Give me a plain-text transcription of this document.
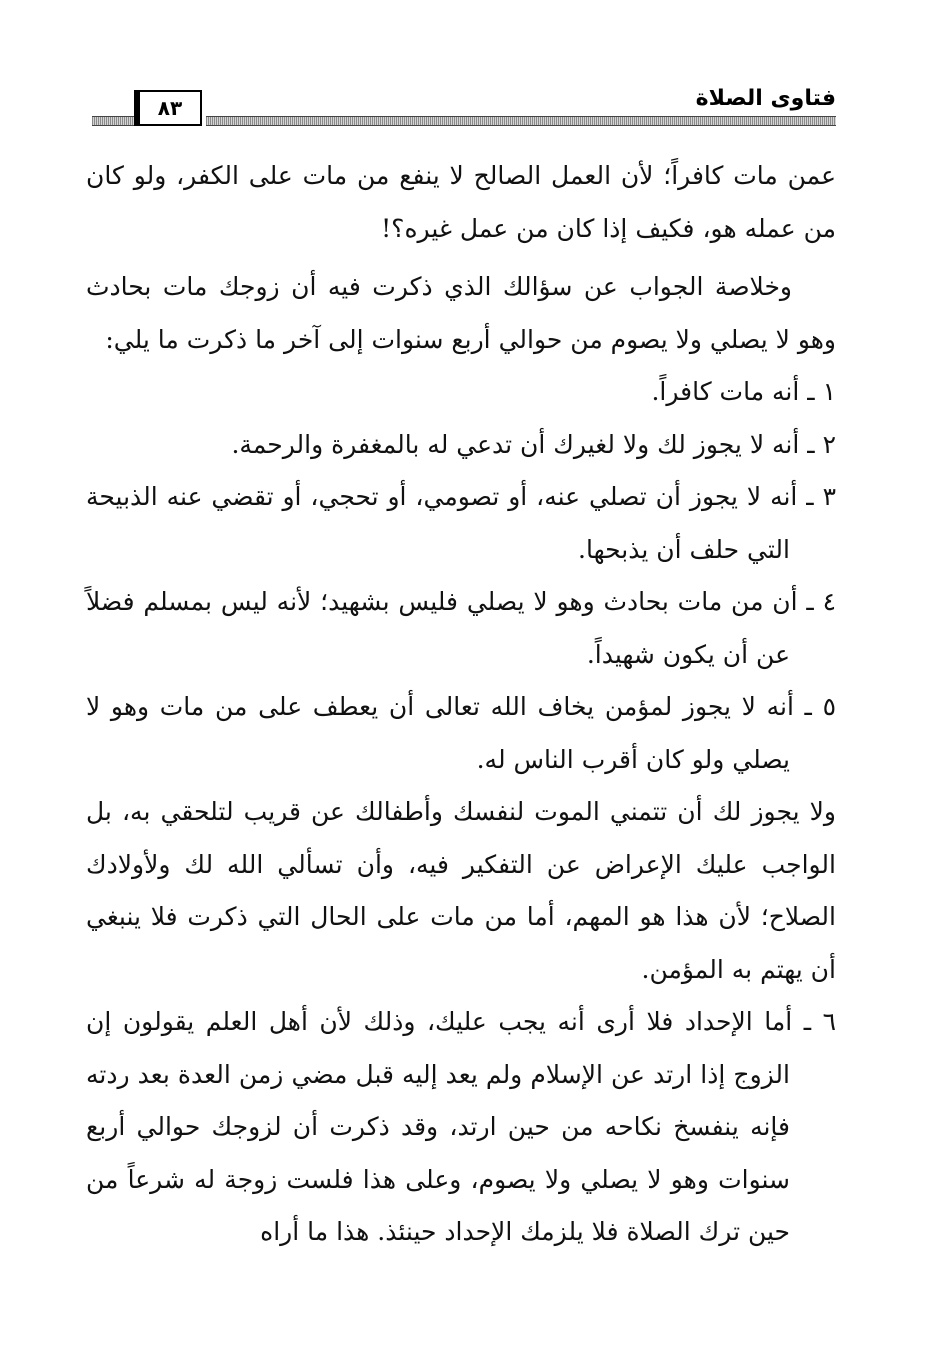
فتاوى الصلاة
٨٣

عمن مات كافراً؛ لأن العمل الصالح لا ينفع من مات على الكفر، ولو كان من عمله هو، فكيف إذا كان من عمل غيره؟!

وخلاصة الجواب عن سؤالك الذي ذكرت فيه أن زوجك مات بحادث وهو لا يصلي ولا يصوم من حوالي أربع سنوات إلى آخر ما ذكرت ما يلي:

١ ـ أنه مات كافراً.

٢ ـ أنه لا يجوز لك ولا لغيرك أن تدعي له بالمغفرة والرحمة.

٣ ـ أنه لا يجوز أن تصلي عنه، أو تصومي، أو تحجي، أو تقضي عنه الذبيحة التي حلف أن يذبحها.

٤ ـ أن من مات بحادث وهو لا يصلي فليس بشهيد؛ لأنه ليس بمسلم فضلاً عن أن يكون شهيداً.

٥ ـ أنه لا يجوز لمؤمن يخاف الله تعالى أن يعطف على من مات وهو لا يصلي ولو كان أقرب الناس له.

ولا يجوز لك أن تتمني الموت لنفسك وأطفالك عن قريب لتلحقي به، بل الواجب عليك الإعراض عن التفكير فيه، وأن تسألي الله لك ولأولادك الصلاح؛ لأن هذا هو المهم، أما من مات على الحال التي ذكرت فلا ينبغي أن يهتم به المؤمن.

٦ ـ أما الإحداد فلا أرى أنه يجب عليك، وذلك لأن أهل العلم يقولون إن الزوج إذا ارتد عن الإسلام ولم يعد إليه قبل مضي زمن العدة بعد ردته فإنه ينفسخ نكاحه من حين ارتد، وقد ذكرت أن لزوجك حوالي أربع سنوات وهو لا يصلي ولا يصوم، وعلى هذا فلست زوجة له شرعاً من حين ترك الصلاة فلا يلزمك الإحداد حينئذ. هذا ما أراه
